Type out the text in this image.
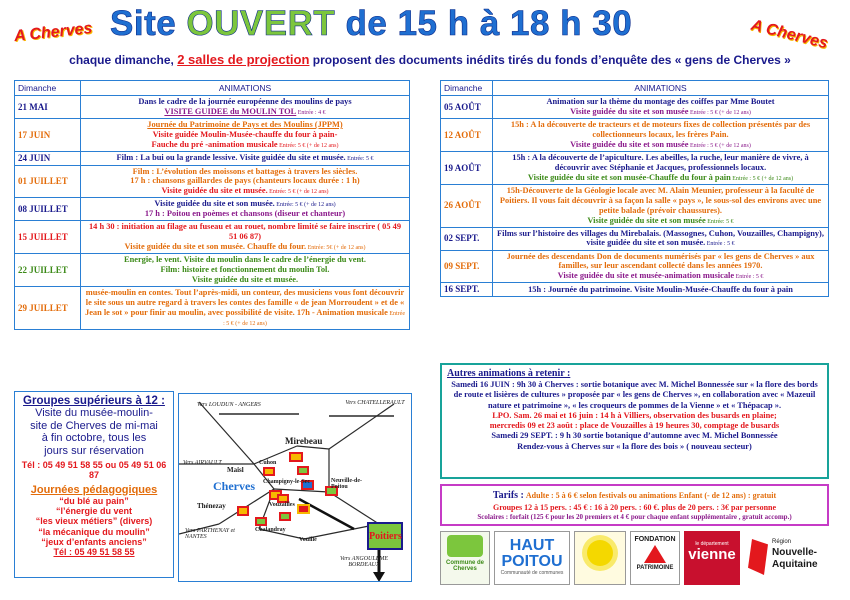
A Cherves	A Cherves
Site OUVERT de 15 h à 18 h 30
chaque dimanche, 2 salles de projection proposent des documents inédits tirés du fonds d’enquête des « gens de Cherves »
Dimanche	ANIMATIONS
21 MAI	Dans le cadre de la journée européenne des moulins de pays
VISITE GUIDEE du MOULIN TOL Entrée : 4 €

17 JUIN	Journée du Patrimoine de Pays et des Moulins (JPPM)
Visite guidée Moulin-Musée-chauffe du four à pain-
Fauche du pré -animation musicale Entrée: 5 € (+ de 12 ans)

24 JUIN	Film : La bui ou la grande lessive. Visite guidée du site et musée. Entrée: 5 €

01 JUILLET	Film : L’évolution des moissons et battages à travers les siècles.
17 h : chansons gaillardes de pays (chanteurs locaux durée : 1 h)
Visite guidée du site et musée. Entrée: 5 € (+ de 12 ans)

08 JUILLET	Visite guidée du site et son musée. Entrée: 5 € (+ de 12 ans)
17 h : Poitou en poèmes et chansons (diseur et chanteur)

15 JUILLET	14 h 30 : initiation au filage au fuseau et au rouet, nombre limité se faire inscrire ( 05 49 51 06 87)
Visite guidée du site et son musée. Chauffe du four. Entrée: 5€ (+ de 12 ans)

22 JUILLET	Energie, le vent. Visite du moulin dans le cadre de l’énergie du vent.
Film: histoire et fonctionnement du moulin Tol.
Visite guidée du site et musée.

29 JUILLET	musée-moulin en contes. Tout l’après-midi, un conteur, des musiciens vous font découvrir le site sous un autre regard à travers les contes des famille « de jean Morroudent » et de « Jean le sot » pour finir au moulin, avec possibilité de visite. 17h - Animation musicale Entrée : 5 € (+ de 12 ans)
Dimanche	ANIMATIONS
05 AOÛT	Animation sur la thème du montage des coiffes par Mme Boutet
Visite guidée du site et son musée Entrée : 5 € (+ de 12 ans)

12 AOÛT	15h : A la découverte de tracteurs et de moteurs fixes de collection présentés par des collectionneurs locaux, les frères Pain.
Visite guidée du site et son musée Entrée : 5 € (+ de 12 ans)

19 AOÛT	15h : A la découverte de l’apiculture. Les abeilles, la ruche, leur manière de vivre, à découvrir avec Stéphanie et Jacques, professionnels locaux.
Visite guidée du site et son musée-Chauffe du four à pain Entrée : 5 € (+ de 12 ans)

26 AOÛT	15h-Découverte de la Géologie locale avec M. Alain Meunier, professeur à la faculté de Poitiers. Il vous fait découvrir à sa façon la salle « pays », le sous-sol des environs avec une petite balade (prévoir chaussures).
Visite guidée du site et son musée Entrée: 5 €

02 SEPT.	Films sur l’histoire des villages du Mirebalais. (Massognes, Cuhon, Vouzailles, Champigny), visite guidée du site et son musée. Entrée : 5 €

09 SEPT.	Journée des descendants Don de documents numérisés par « les gens de Cherves » aux familles, sur leur ascendant collecté dans les années 1970.
Visite guidée du site et musée-animation musicale Entrée : 5 €

16 SEPT.	15h : Journée du patrimoine. Visite Moulin-Musée-Chauffe du four à pain
Groupes supérieurs à 12 :
Visite du musée-moulin-
site de Cherves de mi-mai
à fin octobre, tous les
jours sur réservation
Tél : 05 49 51 58 55 ou 05 49 51 06 87
Journées pédagogiques
“du blé au pain”
“l’énergie du vent
“les vieux métiers” (divers)
“la mécanique du moulin”
“jeux d’enfants anciens”
Tél : 05 49 51 58 55
Vers LOUDUN - ANGERS	Vers CHATELLERAULT
Vers AIRVAULT
Vers PARTHENAY et NANTES
Vers ANGOULEME BORDEAUX
Mirebeau
Maisl
Cuhon
Champigny-le-Sec	Neuville-de-Poitou
Cherves
Thénezay	Vouzailles
Chalandray
Vouillé	Poitiers
Autres animations à retenir :
Samedi 16 JUIN : 9h 30 à Cherves : sortie botanique avec M. Michel Bonnessée sur « la flore des bords de route et lisières de cultures » proposée par « les gens de Cherves », en collaboration avec « Mazeuil nature et patrimoine », « les croqueurs de pommes de la Vienne » et « Thépacap ».
LPO. Sam. 26 mai et 16 juin : 14 h à Villiers, observation des busards en plaine;
mercredis 09 et 23 août : place de Vouzailles à 19 heures 30, comptage de busards
Samedi 29 SEPT. : 9 h 30 sortie botanique d’automne avec M. Michel Bonnessée
Rendez-vous à Cherves sur « la flore des bois » ( nouveau secteur)
Tarifs : Adulte : 5 à 6 € selon festivals ou animations Enfant (- de 12 ans) : gratuit
Groupes 12 à 15 pers. : 45 € : 16 à 20 pers. : 60 €. plus de 20 pers. : 3€ par personne
Scolaires : forfait (125 € pour les 20 premiers et 4 € pour chaque enfant supplémentaire , gratuit accomp.)
Commune de Cherves
HAUT
POITOU
Communauté de communes
FONDATION
PATRIMOINE
le département
vienne
Région
Nouvelle-
Aquitaine
